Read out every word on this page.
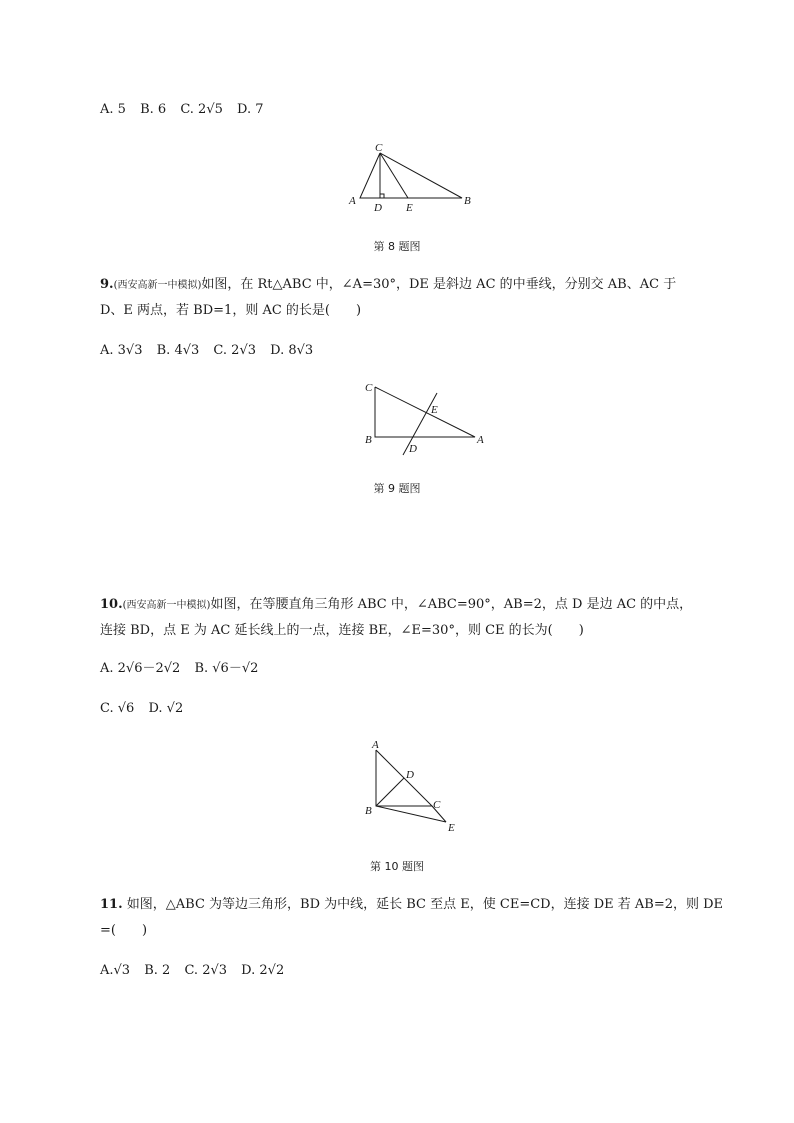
A. 5 B. 6 C. 2√5 D. 7
C
A
D E
B
第 8 题图
9.(西安高新一中模拟)如图，在 Rt△ABC 中，∠A=30°，DE 是斜边 AC 的中垂线，分别交 AB、AC 于
D、E 两点，若 BD=1，则 AC 的长是(　　)
A. 3√3 B. 4√3 C. 2√3 D. 8√3
C
E
B
D
A
第 9 题图
10.(西安高新一中模拟)如图，在等腰直角三角形 ABC 中，∠ABC=90°，AB=2，点 D 是边 AC 的中点，
连接 BD，点 E 为 AC 延长线上的一点，连接 BE，∠E=30°，则 CE 的长为(　　)
A. 2√6－2√2 B. √6－√2
C. √6 D. √2
A
D
B	C
E
第 10 题图
11. 如图，△ABC 为等边三角形，BD 为中线，延长 BC 至点 E，使 CE=CD，连接 DE 若 AB=2，则 DE
=(　　)
A.√3 B. 2 C. 2√3 D. 2√2
